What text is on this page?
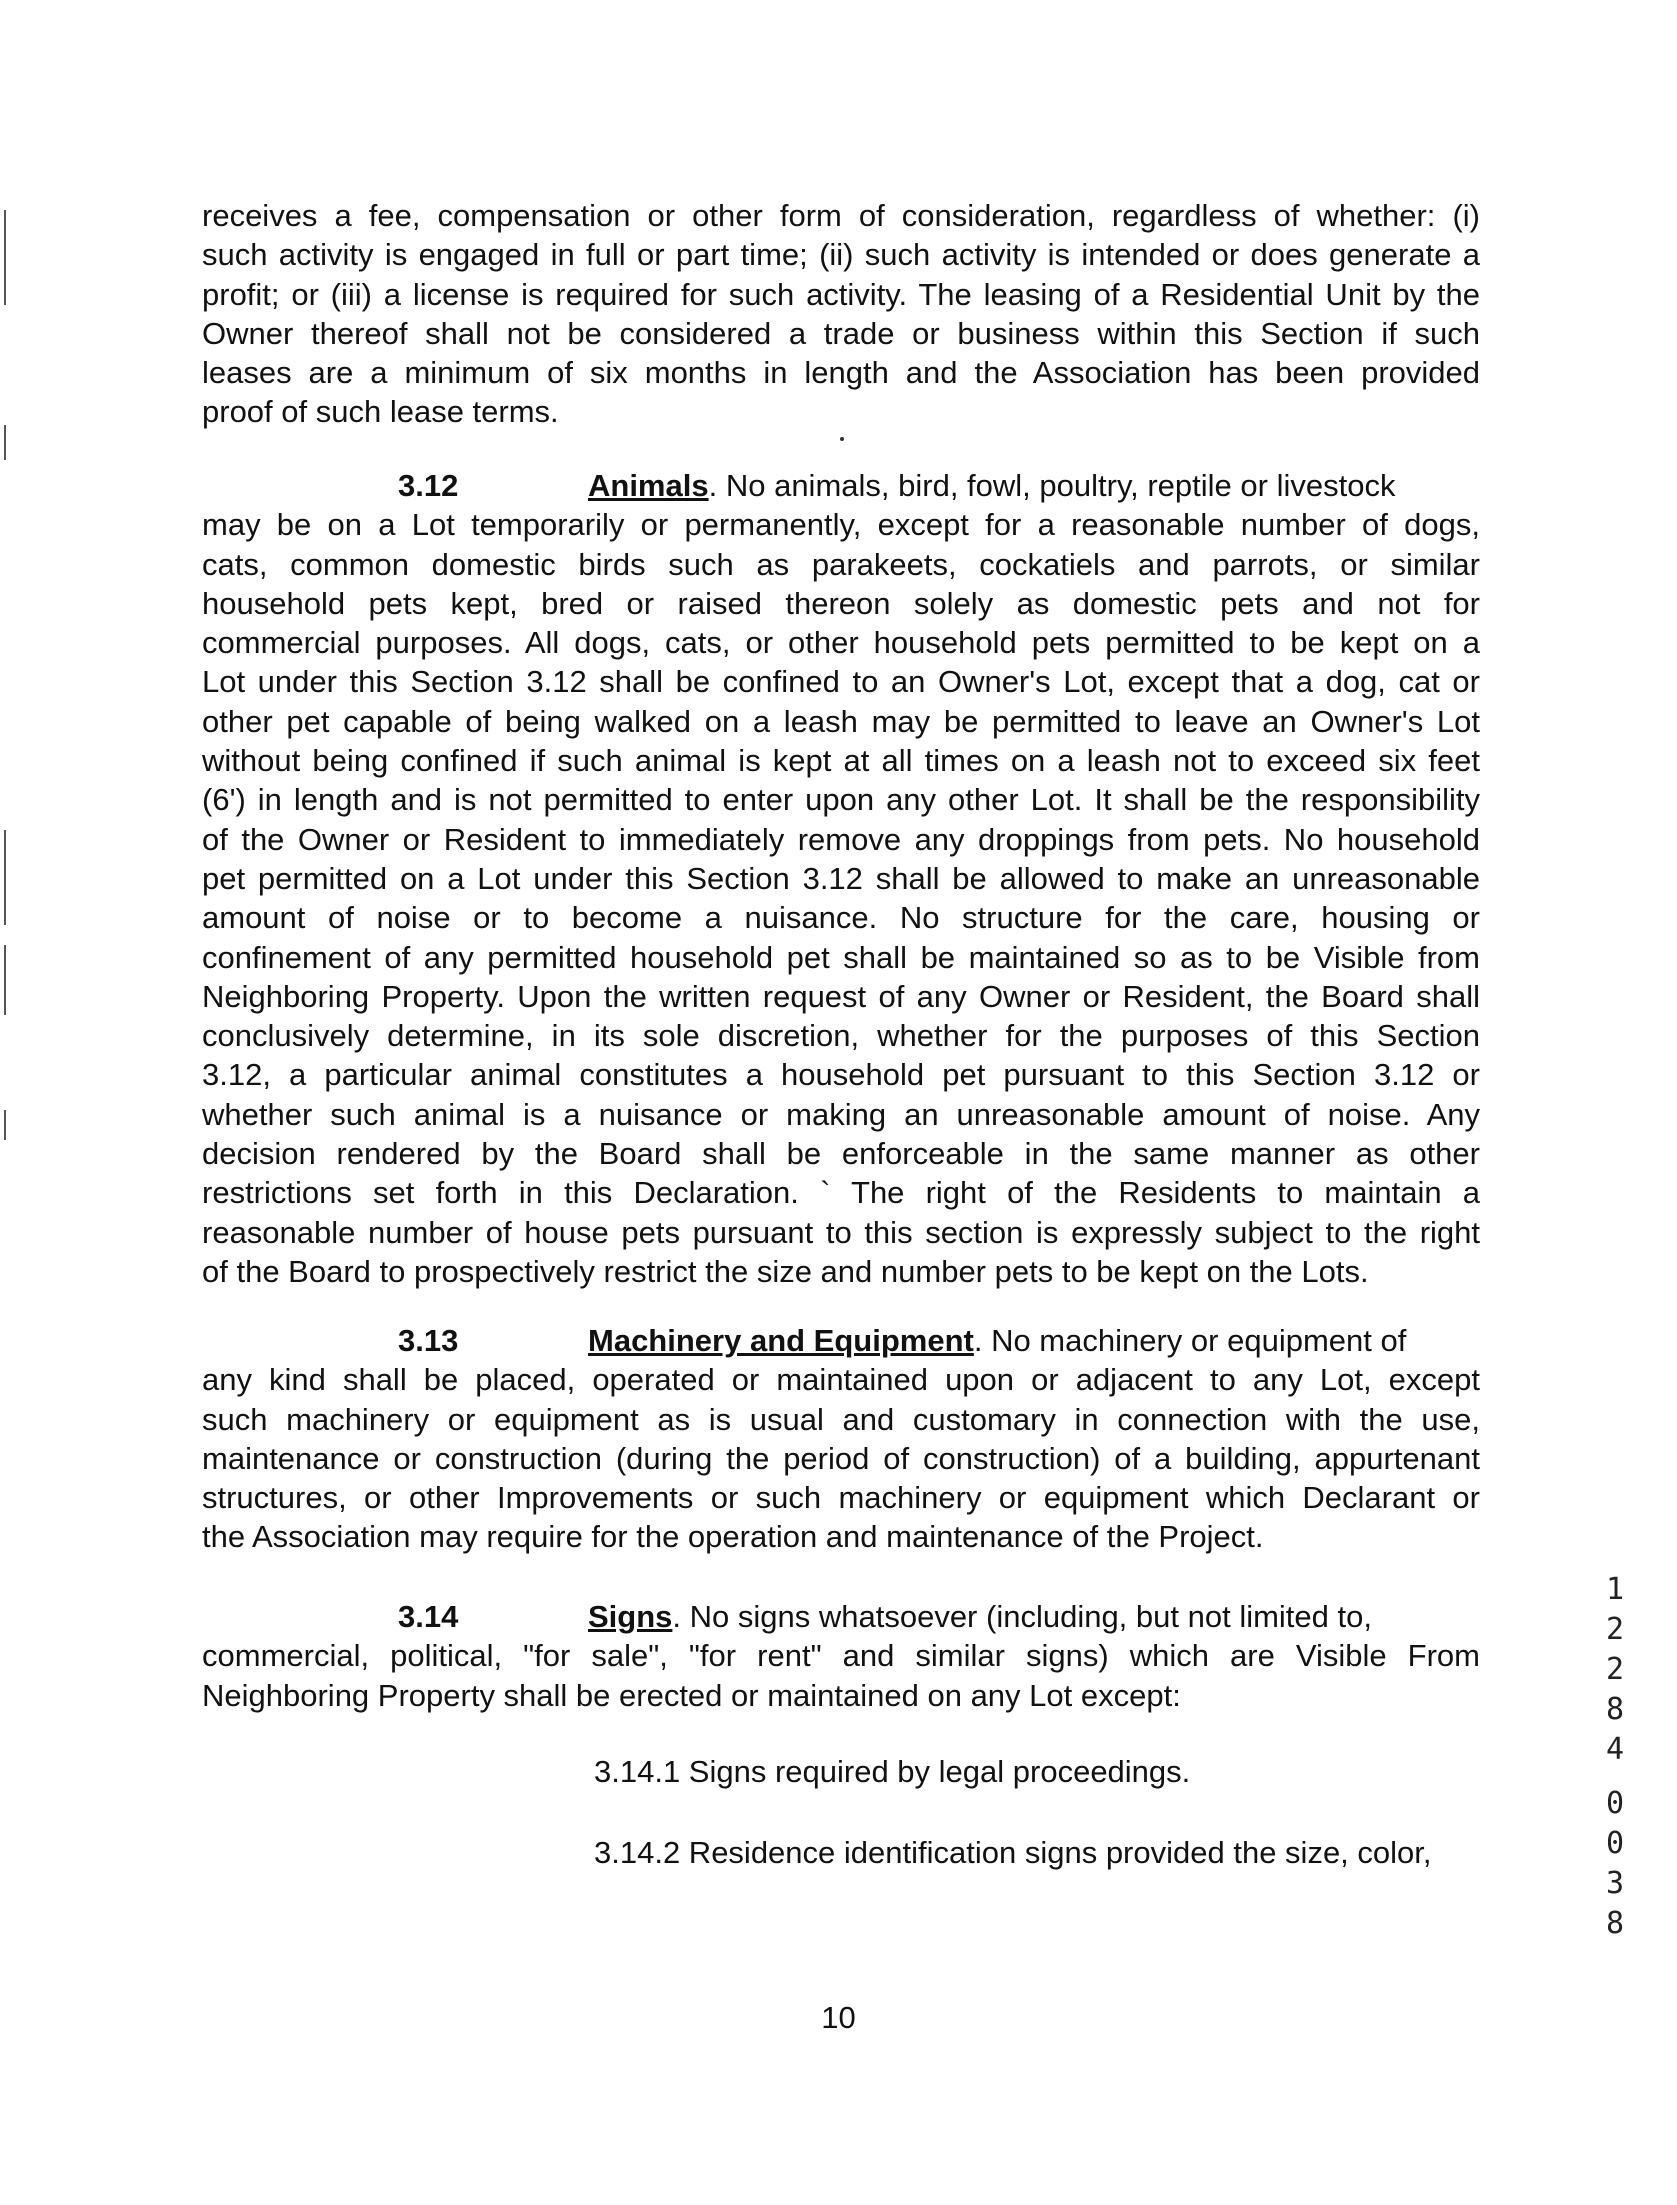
receives a fee, compensation or other form of consideration, regardless of whether: (i)
such activity is engaged in full or part time; (ii) such activity is intended or does generate a
profit; or (iii) a license is required for such activity. The leasing of a Residential Unit by the
Owner thereof shall not be considered a trade or business within this Section if such
leases are a minimum of six months in length and the Association has been provided
proof of such lease terms.
3.12	Animals. No animals, bird, fowl, poultry, reptile or livestock
may be on a Lot temporarily or permanently, except for a reasonable number of dogs,
cats, common domestic birds such as parakeets, cockatiels and parrots, or similar
household pets kept, bred or raised thereon solely as domestic pets and not for
commercial purposes. All dogs, cats, or other household pets permitted to be kept on a
Lot under this Section 3.12 shall be confined to an Owner's Lot, except that a dog, cat or
other pet capable of being walked on a leash may be permitted to leave an Owner's Lot
without being confined if such animal is kept at all times on a leash not to exceed six feet
(6') in length and is not permitted to enter upon any other Lot. It shall be the responsibility
of the Owner or Resident to immediately remove any droppings from pets. No household
pet permitted on a Lot under this Section 3.12 shall be allowed to make an unreasonable
amount of noise or to become a nuisance. No structure for the care, housing or
confinement of any permitted household pet shall be maintained so as to be Visible from
Neighboring Property. Upon the written request of any Owner or Resident, the Board shall
conclusively determine, in its sole discretion, whether for the purposes of this Section
3.12, a particular animal constitutes a household pet pursuant to this Section 3.12 or
whether such animal is a nuisance or making an unreasonable amount of noise. Any
decision rendered by the Board shall be enforceable in the same manner as other
restrictions set forth in this Declaration. ` The right of the Residents to maintain a
reasonable number of house pets pursuant to this section is expressly subject to the right
of the Board to prospectively restrict the size and number pets to be kept on the Lots.
3.13	Machinery and Equipment. No machinery or equipment of
any kind shall be placed, operated or maintained upon or adjacent to any Lot, except
such machinery or equipment as is usual and customary in connection with the use,
maintenance or construction (during the period of construction) of a building, appurtenant
structures, or other Improvements or such machinery or equipment which Declarant or
the Association may require for the operation and maintenance of the Project.
3.14	Signs. No signs whatsoever (including, but not limited to,
commercial, political, "for sale", "for rent" and similar signs) which are Visible From
Neighboring Property shall be erected or maintained on any Lot except:

3.14.1 Signs required by legal proceedings.

3.14.2 Residence identification signs provided the size, color,

10
1
2
2
8
4
0
0
3
8
